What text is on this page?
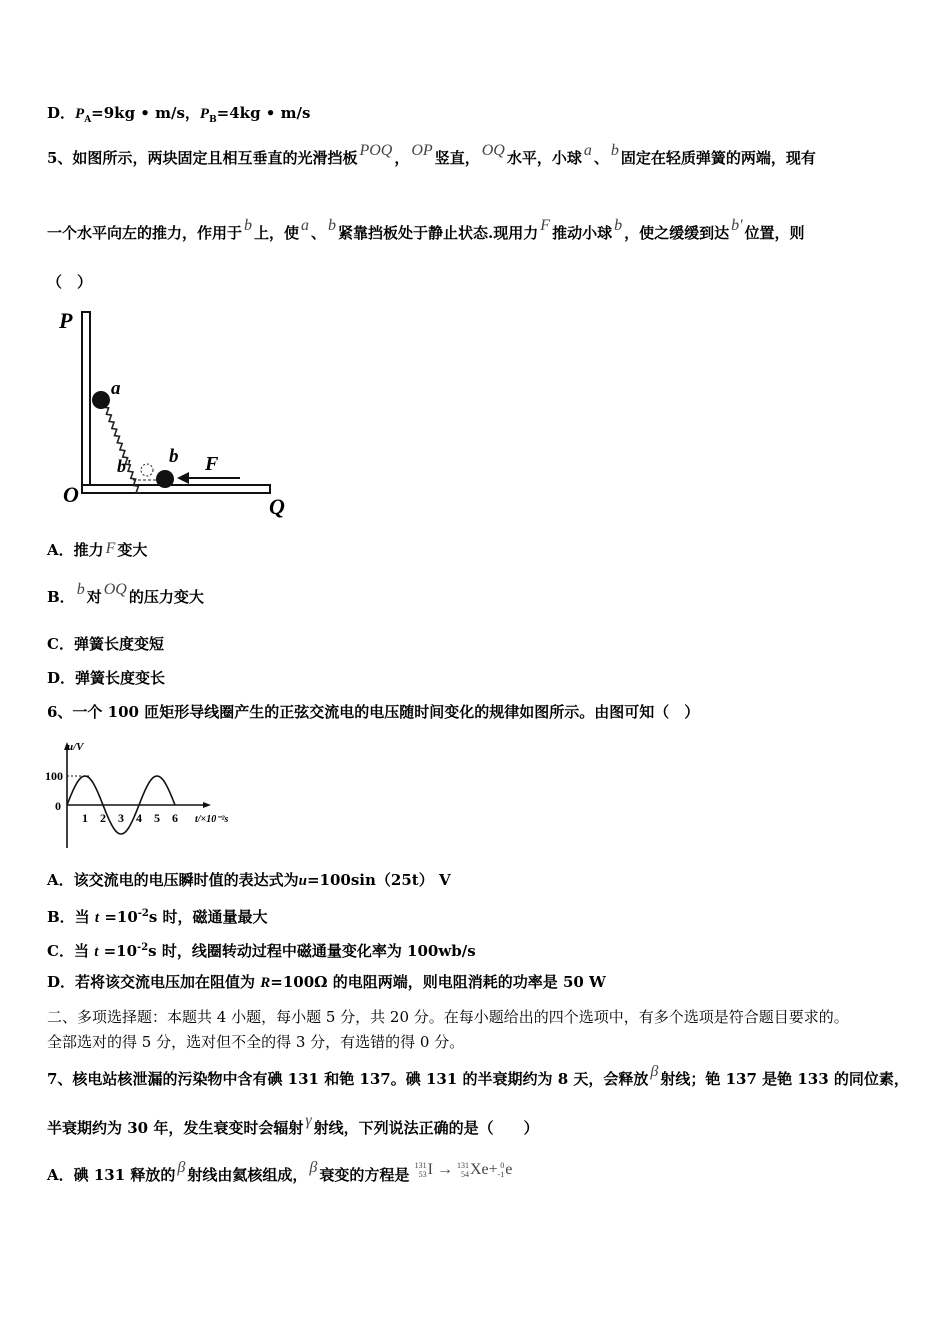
D．$P_A=9kg$ • m/s，$P_B=4kg$ • m/s
5、如图所示，两块固定且相互垂直的光滑挡板 POQ ， OP 竖直， OQ 水平，小球 a 、 b 固定在轻质弹簧的两端，现有
一个水平向左的推力，作用于 b 上，使 a 、 b 紧靠挡板处于静止状态.现用力 F 推动小球 b ，使之缓缓到达 b' 位置，则
（　）
P
O	Q
a
b
b'	F
A．推力 F 变大
B． b 对 OQ 的压力变大
C．弹簧长度变短
D．弹簧长度变长
6、一个 100 匝矩形导线圈产生的正弦交流电的电压随时间变化的规律如图所示。由图可知（　）
u/V
100
0
1 2 3 4 5 6 t/×10⁻²s
A．该交流电的电压瞬时值的表达式为u=100sin（25t） V
B．当 $t =10^{-2}s$ 时，磁通量最大
C．当 $t =10^{-2}s$ 时，线圈转动过程中磁通量变化率为 100wb/s
D．若将该交流电压加在阻值为 R=100Ω 的电阻两端，则电阻消耗的功率是 50 W
二、多项选择题：本题共 4 小题，每小题 5 分，共 20 分。在每小题给出的四个选项中，有多个选项是符合题目要求的。
全部选对的得 5 分，选对但不全的得 3 分，有选错的得 0 分。
7、核电站核泄漏的污染物中含有碘 131 和铯 137。碘 131 的半衰期约为 8 天，会释放 β 射线；铯 137 是铯 133 的同位素，
半衰期约为 30 年，发生衰变时会辐射 γ 射线，下列说法正确的是（　　）
A．碘 131 释放的 β 射线由氦核组成， β 衰变的方程是
131
53 I → 131
54 Xe+ 0
-1 e
